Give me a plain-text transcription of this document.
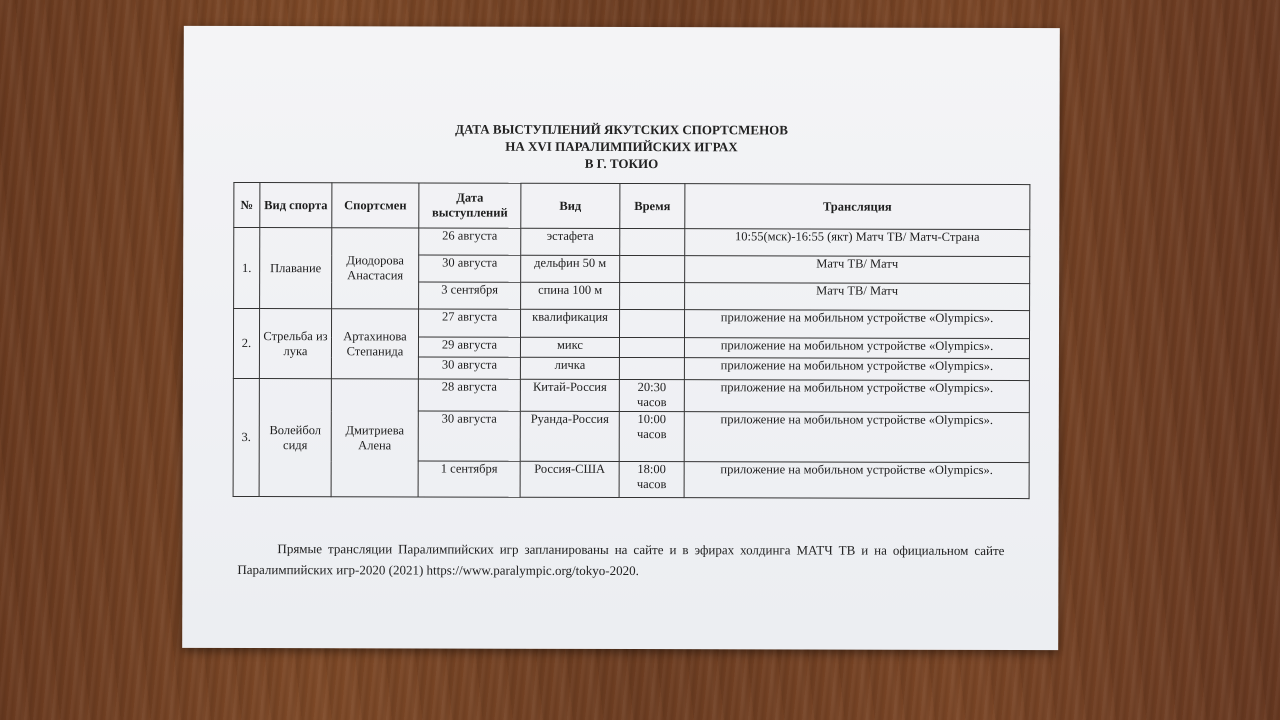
ДАТА ВЫСТУПЛЕНИЙ ЯКУТСКИХ СПОРТСМЕНОВ
НА XVI ПАРАЛИМПИЙСКИХ ИГРАХ
В Г. ТОКИО
№	Вид спорта	Спортсмен	Дата выступлений	Вид	Время	Трансляция
1.	Плавание	Диодорова Анастасия	26 августа	эстафета		10:55(мск)-16:55 (якт) Матч ТВ/ Матч-Страна
			30 августа	дельфин 50 м		Матч ТВ/ Матч
			3 сентября	спина 100 м		Матч ТВ/ Матч
2.	Стрельба из лука	Артахинова Степанида	27 августа	квалификация		приложение на мобильном устройстве «Olympics».
			29 августа	микс		приложение на мобильном устройстве «Olympics».
			30 августа	личка		приложение на мобильном устройстве «Olympics».
3.	Волейбол сидя	Дмитриева Алена	28 августа	Китай-Россия	20:30 часов	приложение на мобильном устройстве «Olympics».
			30 августа	Руанда-Россия	10:00 часов	приложение на мобильном устройстве «Olympics».
			1 сентября	Россия-США	18:00 часов	приложение на мобильном устройстве «Olympics».
Прямые трансляции Паралимпийских игр запланированы на сайте и в эфирах холдинга МАТЧ ТВ и на официальном сайте Паралимпийских игр-2020 (2021) https://www.paralympic.org/tokyo-2020.
